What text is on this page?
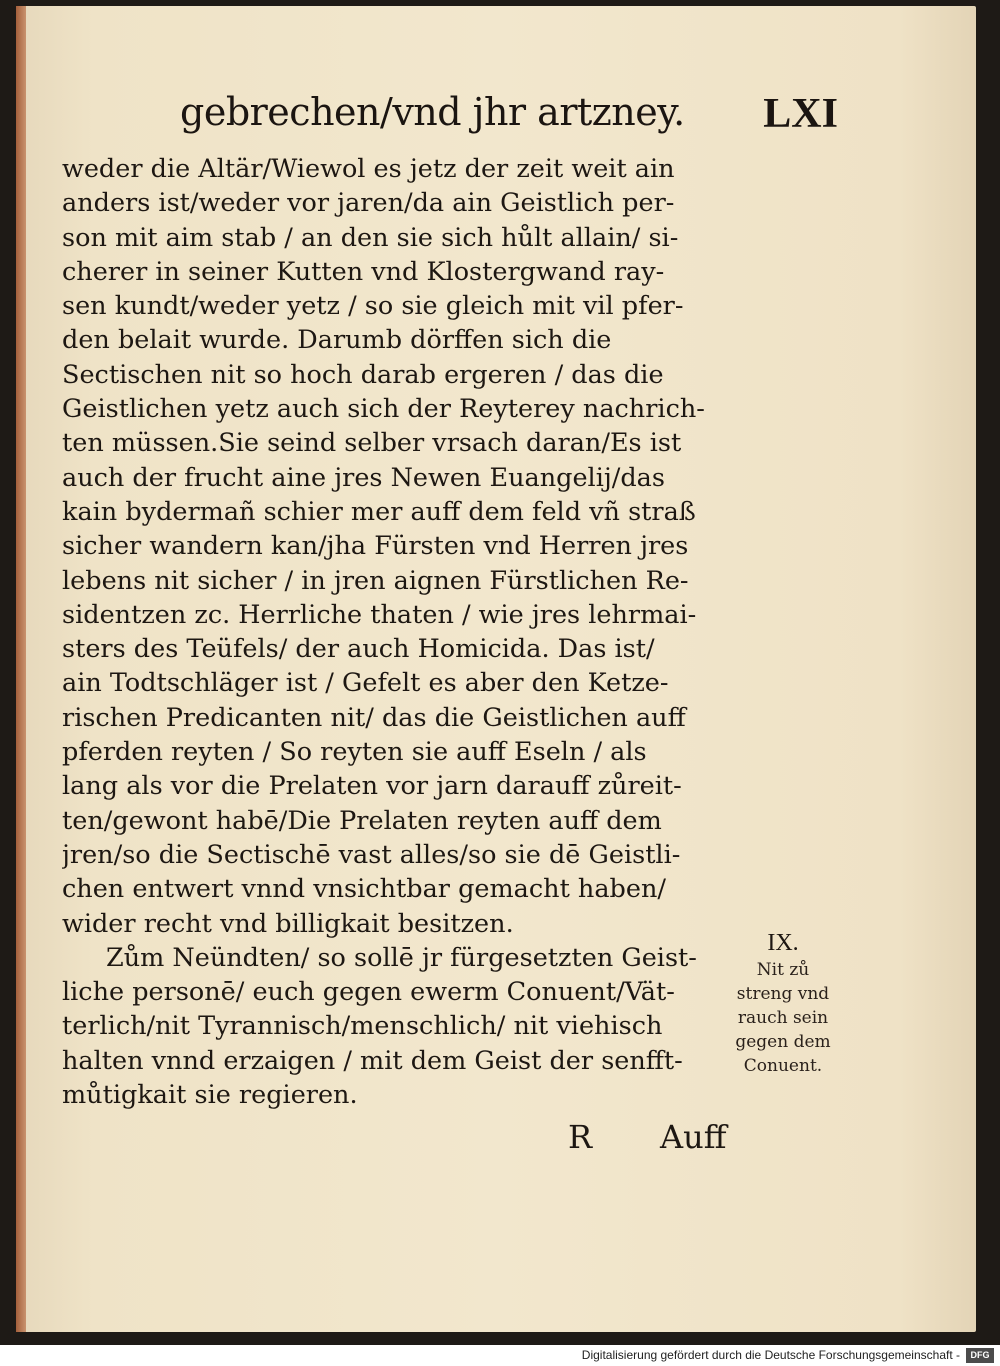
gebrechen/vnd jhr artzney. LXI
weder die Altär/Wiewol es jetz der zeit weit ain
anders ist/weder vor jaren/da ain Geistlich per-
son mit aim stab / an den sie sich hůlt allain/ si-
cherer in seiner Kutten vnd Klostergwand ray-
sen kundt/weder yetz / so sie gleich mit vil pfer-
den belait wurde. Darumb dörffen sich die
Sectischen nit so hoch darab ergeren / das die
Geistlichen yetz auch sich der Reyterey nachrich-
ten müssen.Sie seind selber vrsach daran/Es ist
auch der frucht aine jres Newen Euangelij/das
kain bydermañ schier mer auff dem feld vñ straß
sicher wandern kan/jha Fürsten vnd Herren jres
lebens nit sicher / in jren aignen Fürstlichen Re-
sidentzen zc. Herrliche thaten / wie jres lehrmai-
sters des Teüfels/ der auch Homicida. Das ist/
ain Todtschläger ist / Gefelt es aber den Ketze-
rischen Predicanten nit/ das die Geistlichen auff
pferden reyten / So reyten sie auff Eseln / als
lang als vor die Prelaten vor jarn darauff zůreit-
ten/gewont habē/Die Prelaten reyten auff dem
jren/so die Sectischē vast alles/so sie dē Geistli-
chen entwert vnnd vnsichtbar gemacht haben/
wider recht vnd billigkait besitzen.
Zům Neündten/ so sollē jr fürgesetzten Geist-
liche personē/ euch gegen ewerm Conuent/Vät-
terlich/nit Tyrannisch/menschlich/ nit viehisch
halten vnnd erzaigen / mit dem Geist der senfft-
můtigkait sie regieren.
IX.
Nit zů
streng vnd
rauch sein
gegen dem
Conuent.
R Auff
Digitalisierung gefördert durch die Deutsche Forschungsgemeinschaft -	DFG
